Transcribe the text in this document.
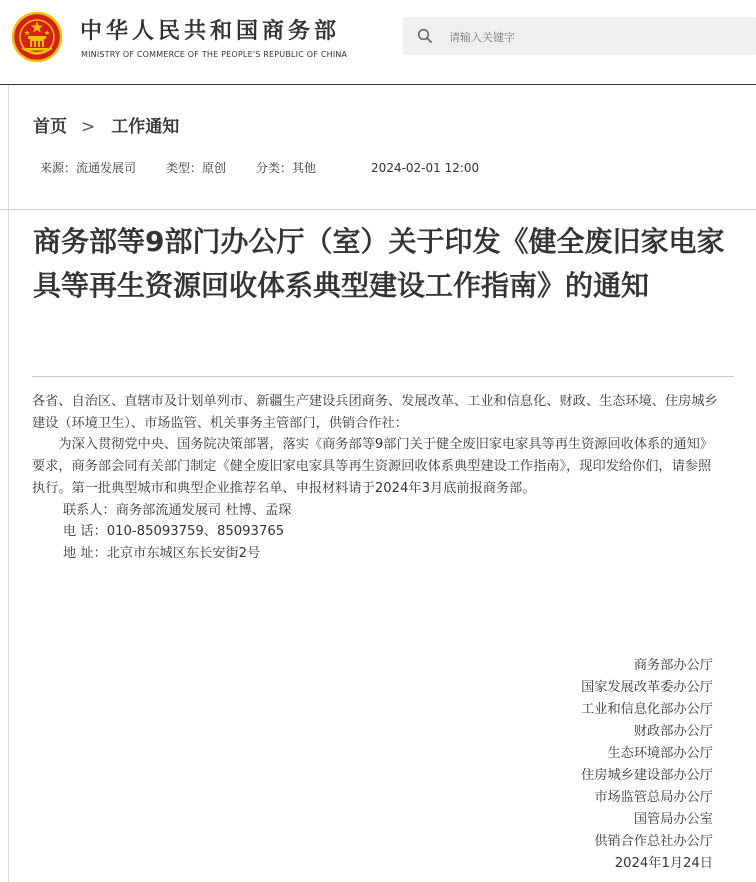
中华人民共和国商务部
MINISTRY OF COMMERCE OF THE PEOPLE'S REPUBLIC OF CHINA
请输入关键字
首页 > 工作通知
来源：流通发展司	类型：原创	分类：其他	2024-02-01 12:00
商务部等9部门办公厅（室）关于印发《健全废旧家电家具等再生资源回收体系典型建设工作指南》的通知

各省、自治区、直辖市及计划单列市、新疆生产建设兵团商务、发展改革、工业和信息化、财政、生态环境、住房城乡建设（环境卫生）、市场监管、机关事务主管部门，供销合作社：

为深入贯彻党中央、国务院决策部署，落实《商务部等9部门关于健全废旧家电家具等再生资源回收体系的通知》要求，商务部会同有关部门制定《健全废旧家电家具等再生资源回收体系典型建设工作指南》，现印发给你们，请参照执行。第一批典型城市和典型企业推荐名单、申报材料请于2024年3月底前报商务部。

联系人：商务部流通发展司 杜博、孟琛

电 话：010-85093759、85093765

地 址：北京市东城区东长安街2号

商务部办公厅
国家发展改革委办公厅
工业和信息化部办公厅
财政部办公厅
生态环境部办公厅
住房城乡建设部办公厅
市场监管总局办公厅
国管局办公室
供销合作总社办公厅
2024年1月24日
